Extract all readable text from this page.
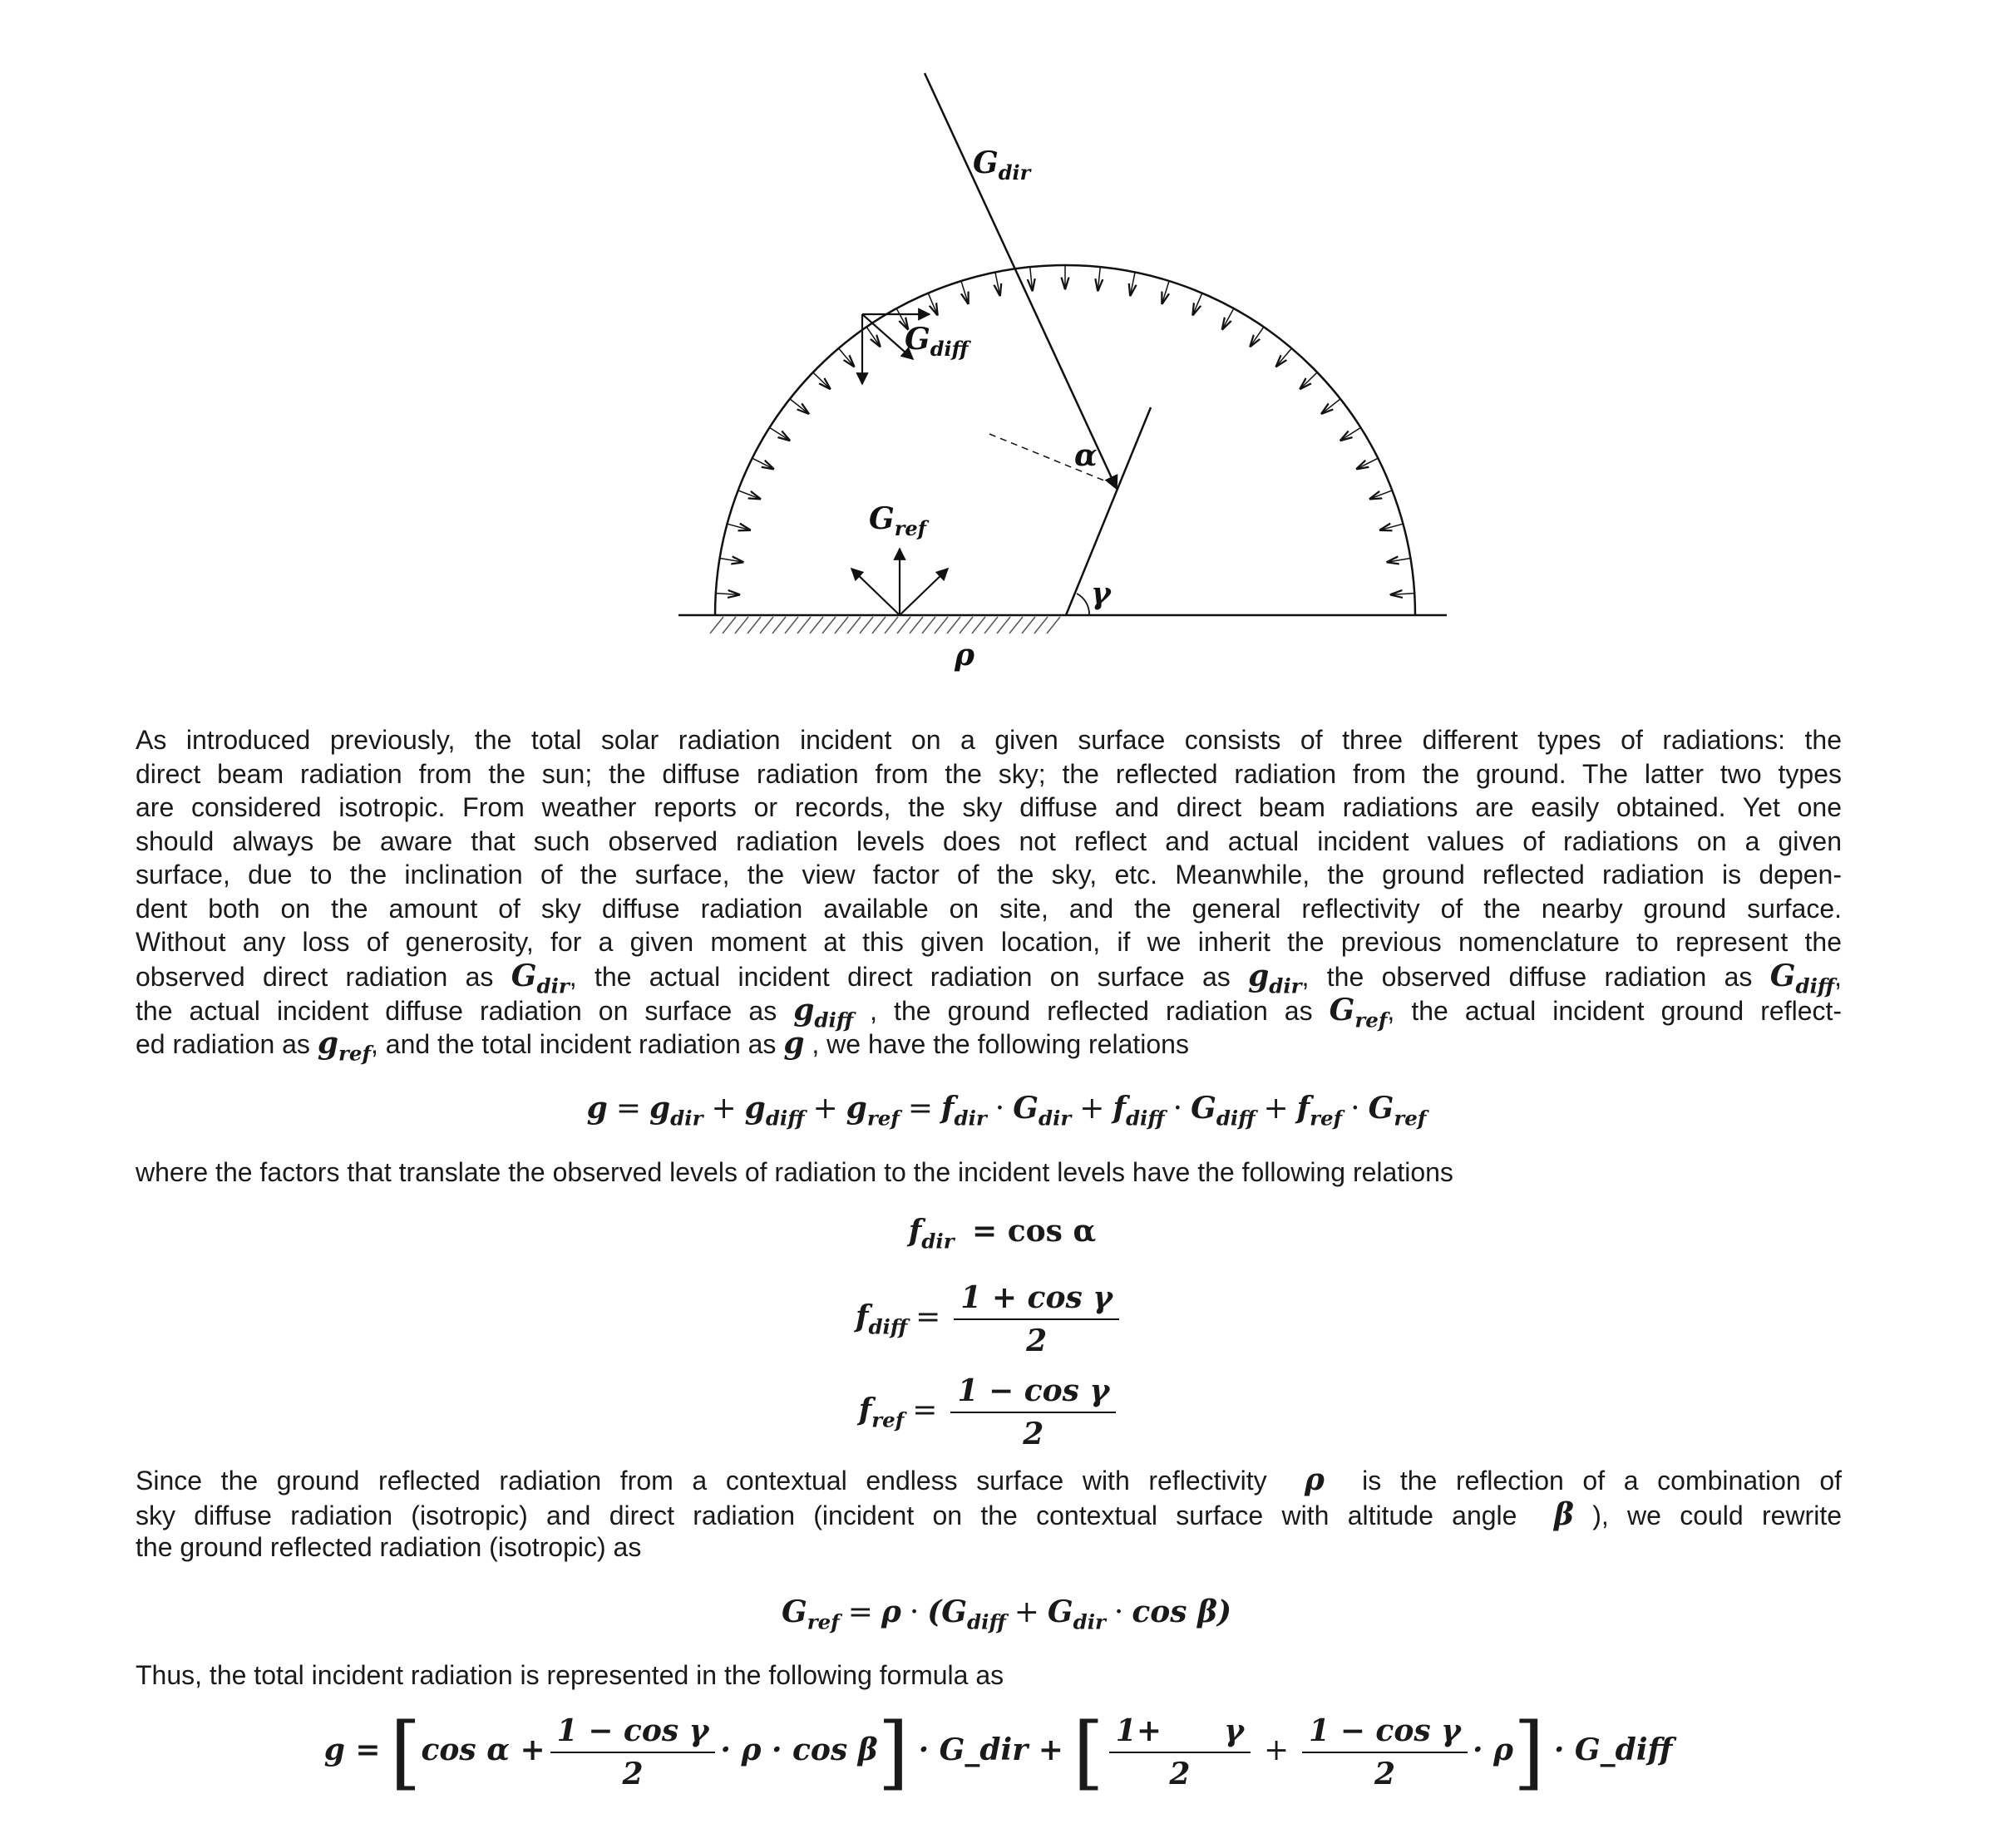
$G_{dir}$
$G_{diff}$
$G_{ref}$
α
γ
ρ

As introduced previously, the total solar radiation incident on a given surface consists of three different types of radiations: the
direct beam radiation from the sun; the diffuse radiation from the sky; the reflected radiation from the ground. The latter two types
are considered isotropic. From weather reports or records, the sky diffuse and direct beam radiations are easily obtained. Yet one
should always be aware that such observed radiation levels does not reflect and actual incident values of radiations on a given
surface, due to the inclination of the surface, the view factor of the sky, etc. Meanwhile, the ground reflected radiation is depen-
dent both on the amount of sky diffuse radiation available on site, and the general reflectivity of the nearby ground surface.
Without any loss of generosity, for a given moment at this given location, if we inherit the previous nomenclature to represent the
observed direct radiation as $G_{dir}$, the actual incident direct radiation on surface as $g_{dir}$, the observed diffuse radiation as $G_{diff}$,
the actual incident diffuse radiation on surface as $g_{diff}$ , the ground reflected radiation as $G_{ref}$, the actual incident ground reflect-

ed radiation as $g_{ref}$, and the total incident radiation as g , we have the following relations

$g = g_{dir} + g_{diff} + g_{ref} = f_{dir} \cdot G_{dir} + f_{diff} \cdot G_{diff} + f_{ref} \cdot G_{ref}$

where the factors that translate the observed levels of radiation to the incident levels have the following relations

$f_{dir} = \cos \alpha$
$f_{diff} = \frac{\text{1 + cos γ}}{2}$
$f_{ref} = \frac{\text{1 − cos γ}}{2}$

Since the ground reflected radiation from a contextual endless surface with reflectivity ρ is the reflection of a combination of
sky diffuse radiation (isotropic) and direct radiation (incident on the contextual surface with altitude angle β ), we could rewrite

the ground reflected radiation (isotropic) as

$G_{ref} = \rho \cdot (G_{diff} + G_{dir} \cdot \cos \beta)$

Thus, the total incident radiation is represented in the following formula as

g = [cos $\alpha + \frac{\text{1 − cos γ}}{2} \cdot \rho \cdot \cos \beta$] · G_dir + [ $\frac{1+ \gamma}{2} + \frac{\text{1 − cos γ}}{2} \cdot \rho$] · G_diff
